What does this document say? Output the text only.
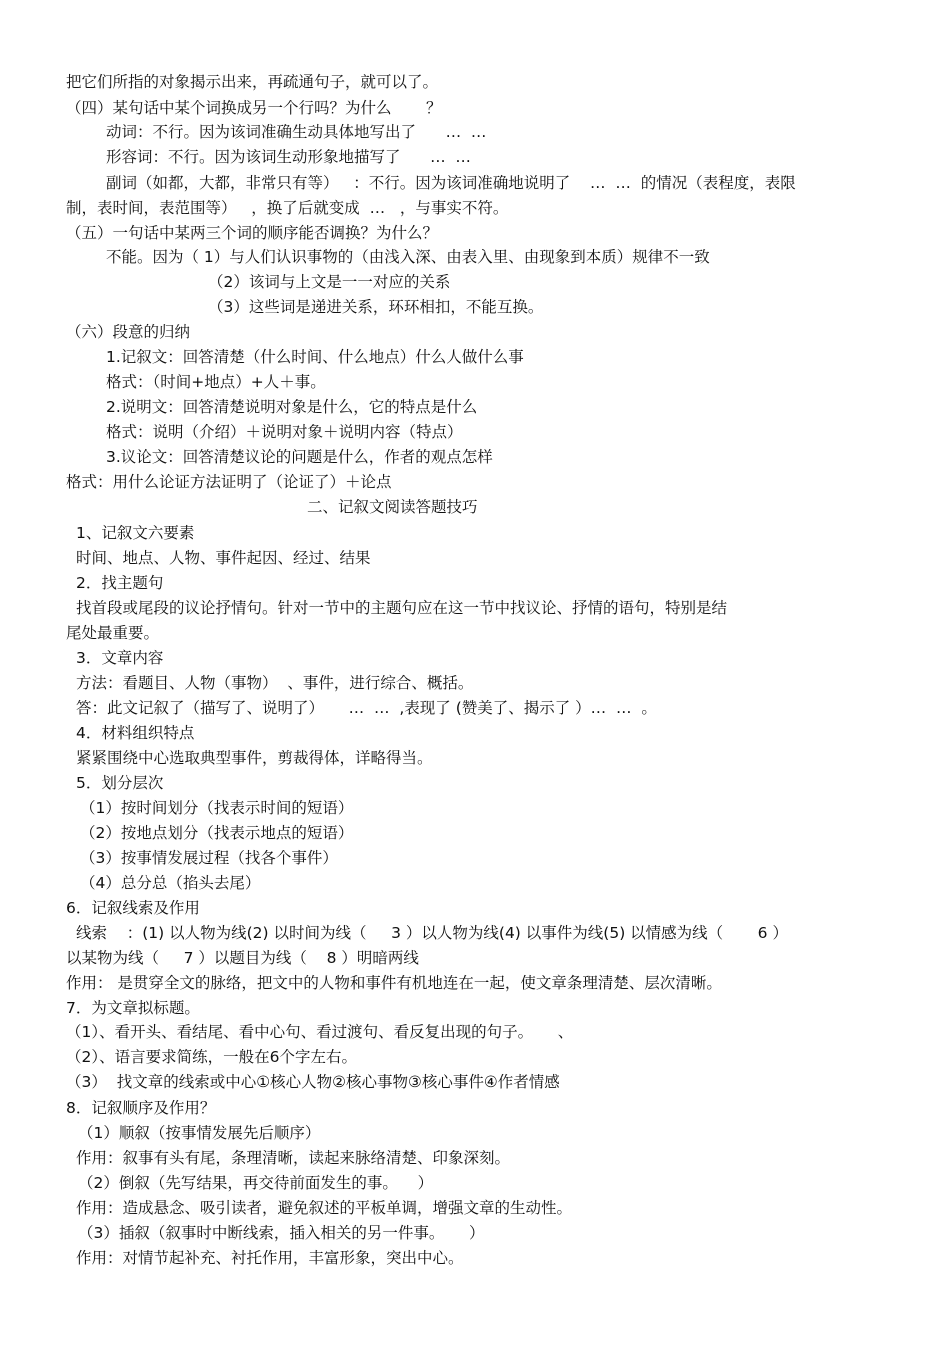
把它们所指的对象揭示出来，再疏通句子，就可以了。
（四）某句话中某个词换成另一个行吗？为什么       ？
动词：不行。因为该词准确生动具体地写出了      …  …
形容词：不行。因为该词生动形象地描写了      …  …
副词（如都，大都，非常只有等）   ：不行。因为该词准确地说明了    …  …  的情况（表程度，表限
制，表时间，表范围等）   ，换了后就变成  …   ，与事实不符。
（五）一句话中某两三个词的顺序能否调换？为什么？
不能。因为（ 1）与人们认识事物的（由浅入深、由表入里、由现象到本质）规律不一致
（2）该词与上文是一一对应的关系
（3）这些词是递进关系，环环相扣，不能互换。
（六）段意的归纳
1.记叙文：回答清楚（什么时间、什么地点）什么人做什么事
格式：（时间+地点）+人＋事。
2.说明文：回答清楚说明对象是什么，它的特点是什么
格式：说明（介绍）＋说明对象＋说明内容（特点）
3.议论文：回答清楚议论的问题是什么，作者的观点怎样
格式：用什么论证方法证明了（论证了）＋论点
二、记叙文阅读答题技巧
1、记叙文六要素
时间、地点、人物、事件起因、经过、结果
2．找主题句
找首段或尾段的议论抒情句。针对一节中的主题句应在这一节中找议论、抒情的语句，特别是结
尾处最重要。
3．文章内容
方法：看题目、人物（事物）  、事件，进行综合、概括。
答：此文记叙了（描写了、说明了）     …  …  ,表现了 (赞美了、揭示了 ）…  …  。
4．材料组织特点
紧紧围绕中心选取典型事件，剪裁得体，详略得当。
5．划分层次
（1）按时间划分（找表示时间的短语）
（2）按地点划分（找表示地点的短语）
（3）按事情发展过程（找各个事件）
（4）总分总（掐头去尾）
6．记叙线索及作用
线索    ：(1) 以人物为线(2) 以时间为线（     3 ）以人物为线(4) 以事件为线(5) 以情感为线（       6 ）
以某物为线（     7 ）以题目为线（    8 ）明暗两线
作用： 是贯穿全文的脉络，把文中的人物和事件有机地连在一起，使文章条理清楚、层次清晰。
7．为文章拟标题。
（1）、看开头、看结尾、看中心句、看过渡句、看反复出现的句子。     、
（2）、语言要求简练，一般在6个字左右。
（3）  找文章的线索或中心①核心人物②核心事物③核心事件④作者情感
8．记叙顺序及作用？
（1）顺叙（按事情发展先后顺序）
作用：叙事有头有尾，条理清晰，读起来脉络清楚、印象深刻。
（2）倒叙（先写结果，再交待前面发生的事。    ）
作用：造成悬念、吸引读者，避免叙述的平板单调，增强文章的生动性。
（3）插叙（叙事时中断线索，插入相关的另一件事。     ）
作用：对情节起补充、衬托作用，丰富形象，突出中心。
